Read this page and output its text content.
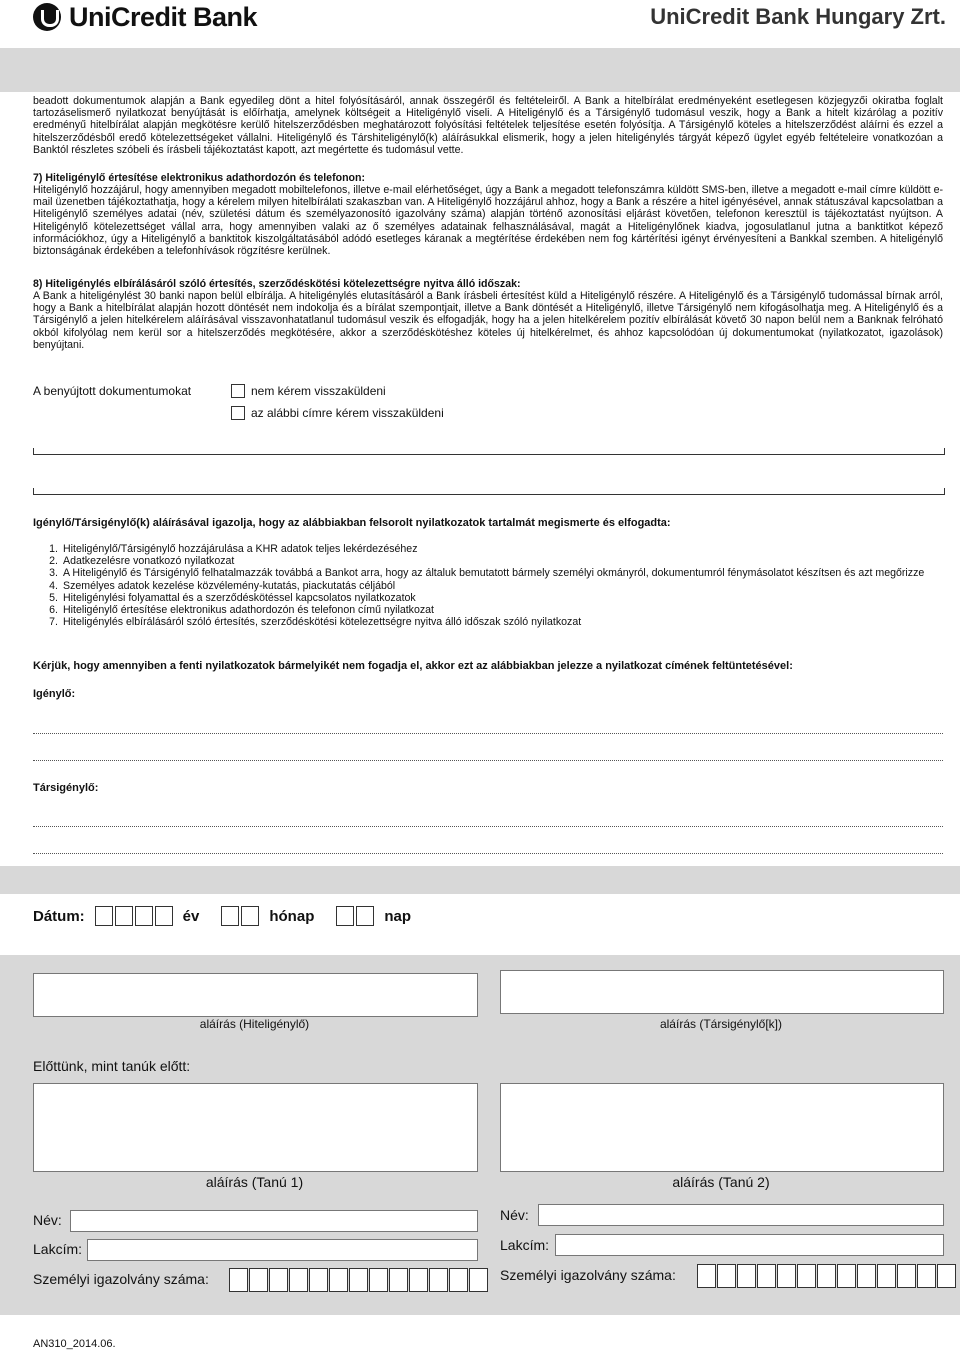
UniCredit Bank	UniCredit Bank Hungary Zrt.

beadott dokumentumok alapján a Bank egyedileg dönt a hitel folyósításáról, annak összegéről és feltételeiről. A Bank a hitelbírálat eredményeként esetlegesen közjegyzői okiratba foglalt tartozáselismerő nyilatkozat benyújtását is előírhatja, amelynek költségeit a Hiteligénylő viseli. A Hiteligénylő és a Társigénylő tudomásul veszik, hogy a Bank a hitelt kizárólag a pozitív eredményű hitelbírálat alapján megkötésre kerülő hitelszerződésben meghatározott folyósítási feltételek teljesítése esetén folyósítja. A Társigénylő köteles a hitelszerződést aláírni és ezzel a hitelszerződésből eredő kötelezettségeket vállalni. Hiteligénylő és Társhiteligénylő(k) aláírásukkal elismerik, hogy a jelen hiteligénylés tárgyát képező ügylet egyéb feltételeire vonatkozóan a Banktól részletes szóbeli és írásbeli tájékoztatást kapott, azt megértette és tudomásul vette.

7) Hiteligénylő értesítése elektronikus adathordozón és telefonon:

Hiteligénylő hozzájárul, hogy amennyiben megadott mobiltelefonos, illetve e-mail elérhetőséget, úgy a Bank a megadott telefonszámra küldött SMS-ben, illetve a megadott e-mail címre küldött e-mail üzenetben tájékoztathatja, hogy a kérelem milyen hitelbírálati szakaszban van. A Hiteligénylő hozzájárul ahhoz, hogy a Bank a részére a hitel igényésével, annak státuszával kapcsolatban a Hiteligénylő személyes adatai (név, születési dátum és személyazonosító igazolvány száma) alapján történő azonosítási eljárást követően, telefonon keresztül is tájékoztatást nyújtson. A Hiteligénylő kötelezettséget vállal arra, hogy amennyiben valaki az ő személyes adatainak felhasználásával, magát a Hiteligénylőnek kiadva, jogosulatlanul jutna a banktitkot képező információkhoz, úgy a Hiteligénylő a banktitok kiszolgáltatásából adódó esetleges káranak a megtérítése érdekében nem fog kártérítési igényt érvényesíteni a Bankkal szemben. A hiteligénylő biztonságának érdekében a telefonhívások rögzítésre kerülnek.

8) Hiteligénylés elbírálásáról szóló értesítés, szerződéskötési kötelezettségre nyitva álló időszak:

A Bank a hiteligénylést 30 banki napon belül elbírálja. A hiteligénylés elutasításáról a Bank írásbeli értesítést küld a Hiteligénylő részére. A Hiteligénylő és a Társigénylő tudomással bírnak arról, hogy a Bank a hitelbírálat alapján hozott döntését nem indokolja és a bírálat szempontjait, illetve a Bank döntését a Hiteligénylő, illetve Társigénylő nem kifogásolhatja meg. A Hiteligénylő és a Társigénylő a jelen hitelkérelem aláírásával visszavonhatatlanul tudomásul veszik és elfogadják, hogy ha a jelen hitelkérelem pozitív elbírálását követő 30 napon belül nem a Banknak felróható okból kifolyólag nem kerül sor a hitelszerződés megkötésére, akkor a szerződéskötéshez köteles új hitelkérelmet, és ahhoz kapcsolódóan új dokumentumokat (nyilatkozatot, igazolások) benyújtani.

A benyújtott dokumentumokat	nem kérem visszaküldeni
az alábbi címre kérem visszaküldeni

Igénylő/Társigénylő(k) aláírásával igazolja, hogy az alábbiakban felsorolt nyilatkozatok tartalmát megismerte és elfogadta:

1. Hiteligénylő/Társigénylő hozzájárulása a KHR adatok teljes lekérdezéséhez
2. Adatkezelésre vonatkozó nyilatkozat
3. A Hiteligénylő és Társigénylő felhatalmazzák továbbá a Bankot arra, hogy az általuk bemutatott bármely személyi okmányról, dokumentumról fénymásolatot készítsen és azt megőrizze
4. Személyes adatok kezelése közvélemény-kutatás, piackutatás céljából
5. Hiteligénylési folyamattal és a szerződéskötéssel kapcsolatos nyilatkozatok
6. Hiteligénylő értesítése elektronikus adathordozón és telefonon című nyilatkozat
7. Hiteligénylés elbírálásáról szóló értesítés, szerződéskötési kötelezettségre nyitva álló időszak szóló nyilatkozat

Kérjük, hogy amennyiben a fenti nyilatkozatok bármelyikét nem fogadja el, akkor ezt az alábbiakban jelezze a nyilatkozat címének feltüntetésével:

Igénylő:
Társigénylő:
Dátum:	év	hónap	nap
aláírás (Hiteligénylő)	aláírás (Társigénylő[k])
Előttünk, mint tanúk előtt:
aláírás (Tanú 1)	aláírás (Tanú 2)
Név:
Lakcím:
Személyi igazolvány száma:
Név:
Lakcím:
Személyi igazolvány száma:
AN310_2014.06.
